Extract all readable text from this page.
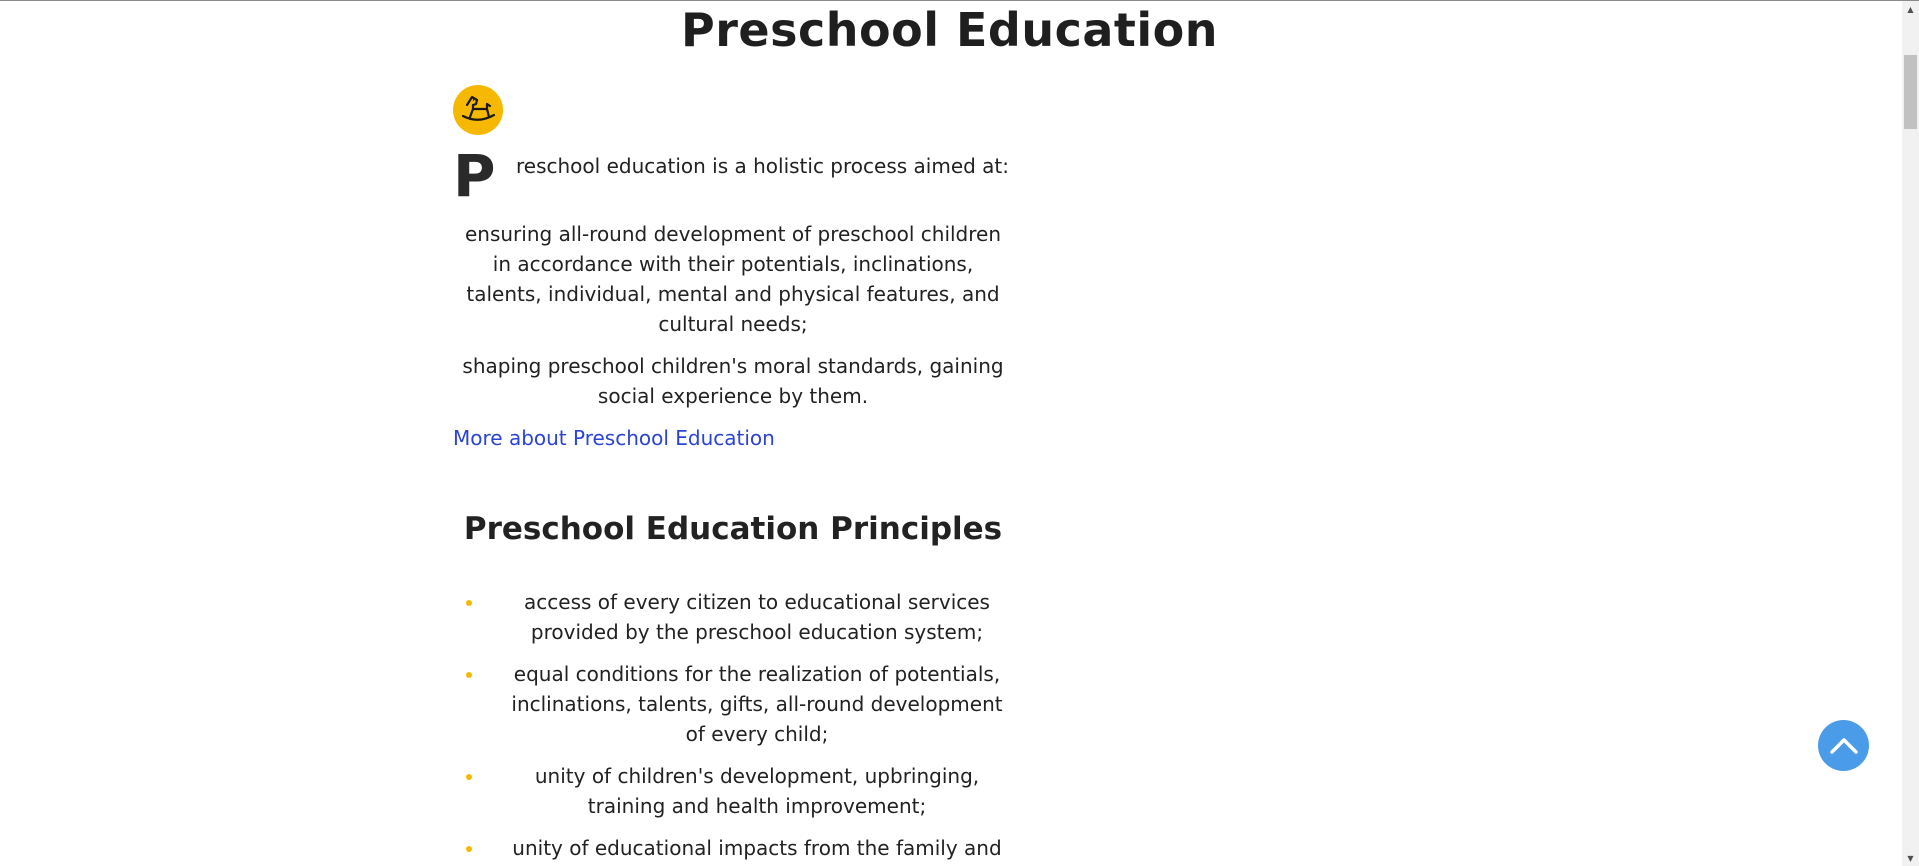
Preschool Education
P reschool education is a holistic process aimed at:

ensuring all-round development of preschool children in accordance with their potentials, inclinations, talents, individual, mental and physical features, and cultural needs;

shaping preschool children's moral standards, gaining social experience by them.

More about Preschool Education
Preschool Education Principles
access of every citizen to educational services provided by the preschool education system;
equal conditions for the realization of potentials, inclinations, talents, gifts, all-round development of every child;
unity of children's development, upbringing, training and health improvement;
unity of educational impacts from the family and
▲
▼
